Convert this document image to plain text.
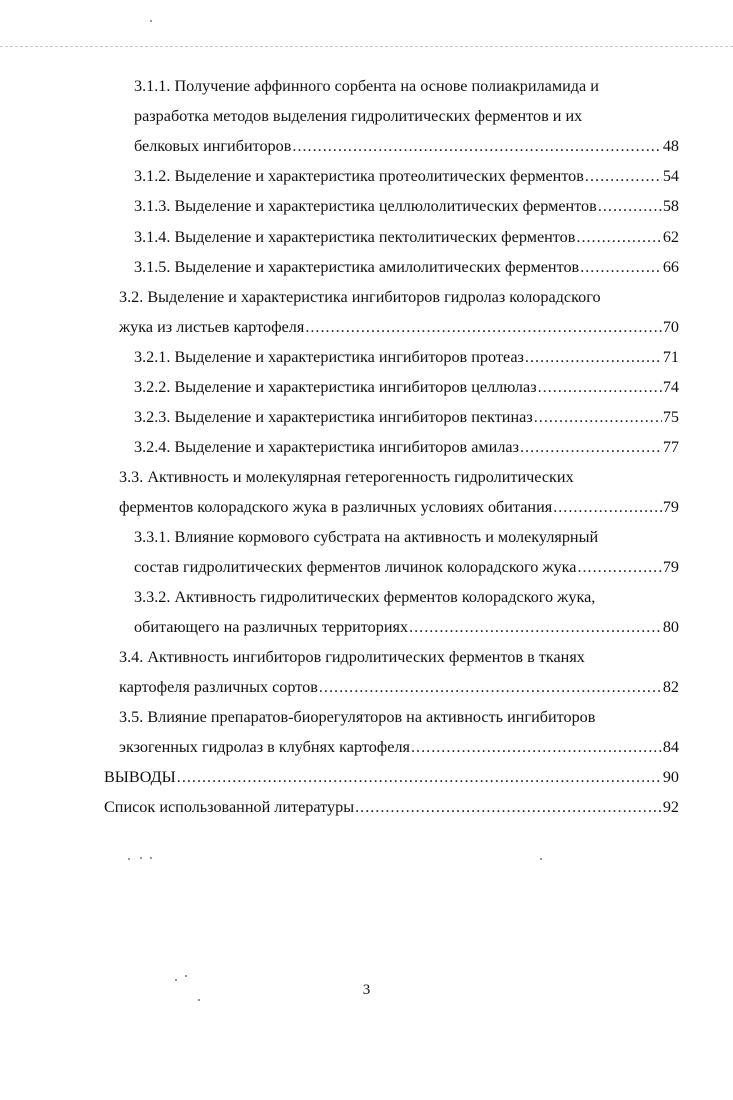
3.1.1. Получение аффинного сорбента на основе полиакриламида и
разработка методов выделения гидролитических ферментов и их
белковых ингибиторов .....	48
3.1.2. Выделение и характеристика протеолитических ферментов .....	54
3.1.3. Выделение и характеристика целлюлолитических ферментов .....	58
3.1.4. Выделение и характеристика пектолитических ферментов .....	62
3.1.5. Выделение и характеристика амилолитических ферментов .....	66
3.2. Выделение и характеристика ингибиторов гидролаз колорадского
жука из листьев картофеля .....	70
3.2.1. Выделение и характеристика ингибиторов протеаз .....	71
3.2.2. Выделение и характеристика ингибиторов целлюлаз .....	74
3.2.3. Выделение и характеристика ингибиторов пектиназ .....	75
3.2.4. Выделение и характеристика ингибиторов амилаз .....	77
3.3. Активность и молекулярная гетерогенность гидролитических
ферментов колорадского жука в различных условиях обитания .....	79
3.3.1. Влияние кормового субстрата на активность и молекулярный
состав гидролитических ферментов личинок колорадского жука .....	79
3.3.2. Активность гидролитических ферментов колорадского жука,
обитающего на различных территориях .....	80
3.4. Активность ингибиторов гидролитических ферментов в тканях
картофеля различных сортов .....	82
3.5. Влияние препаратов-биорегуляторов на активность ингибиторов
экзогенных гидролаз в клубнях картофеля .....	84
ВЫВОДЫ .....	90
Список использованной литературы .....	92
3
